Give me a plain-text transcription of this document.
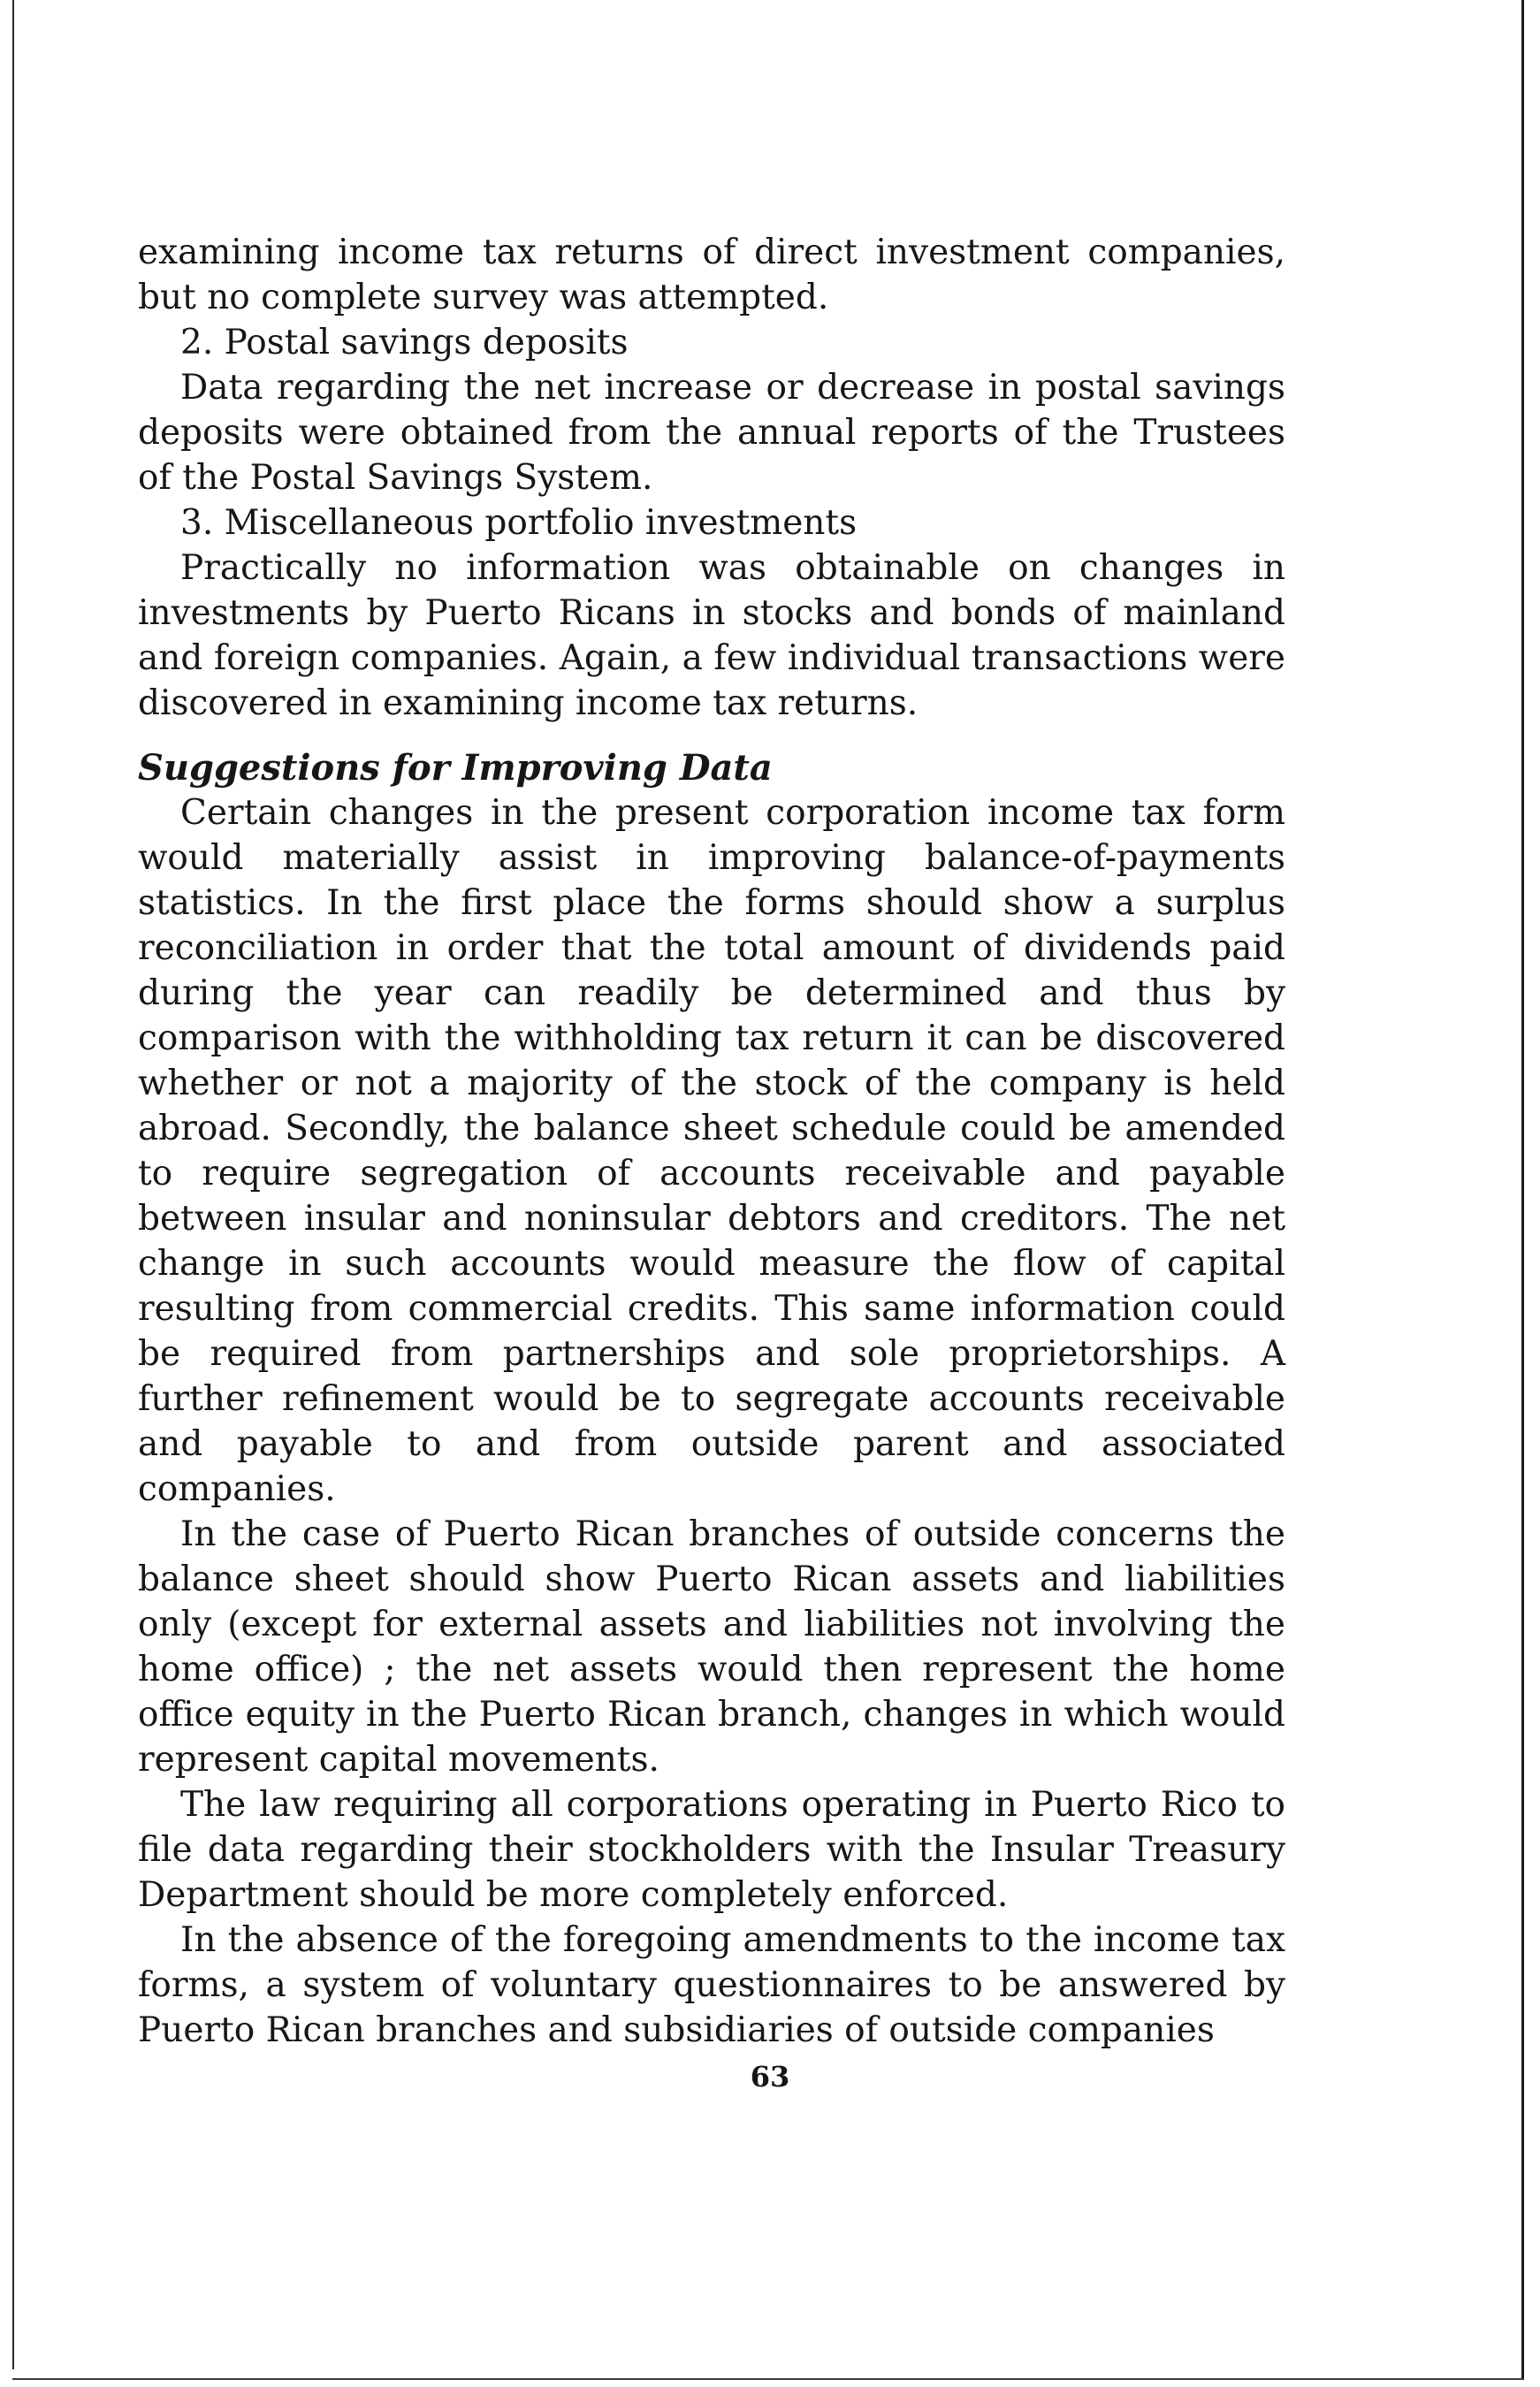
examining income tax returns of direct investment companies, but no complete survey was attempted.

2. Postal savings deposits

Data regarding the net increase or decrease in postal savings deposits were obtained from the annual reports of the Trustees of the Postal Savings System.

3. Miscellaneous portfolio investments

Practically no information was obtainable on changes in investments by Puerto Ricans in stocks and bonds of mainland and foreign companies. Again, a few individual transactions were discovered in examining income tax returns.

Suggestions for Improving Data

Certain changes in the present corporation income tax form would materially assist in improving balance-of-payments statistics. In the first place the forms should show a surplus reconciliation in order that the total amount of dividends paid during the year can readily be determined and thus by comparison with the withholding tax return it can be discovered whether or not a majority of the stock of the company is held abroad. Secondly, the balance sheet schedule could be amended to require segregation of accounts receivable and payable between insular and noninsular debtors and creditors. The net change in such accounts would measure the flow of capital resulting from commercial credits. This same information could be required from partnerships and sole proprietorships. A further refinement would be to segregate accounts receivable and payable to and from outside parent and associated companies.

In the case of Puerto Rican branches of outside concerns the balance sheet should show Puerto Rican assets and liabilities only (except for external assets and liabilities not involving the home office) ; the net assets would then represent the home office equity in the Puerto Rican branch, changes in which would represent capital movements.

The law requiring all corporations operating in Puerto Rico to file data regarding their stockholders with the Insular Treasury Department should be more completely enforced.

In the absence of the foregoing amendments to the income tax forms, a system of voluntary questionnaires to be answered by Puerto Rican branches and subsidiaries of outside companies

63
